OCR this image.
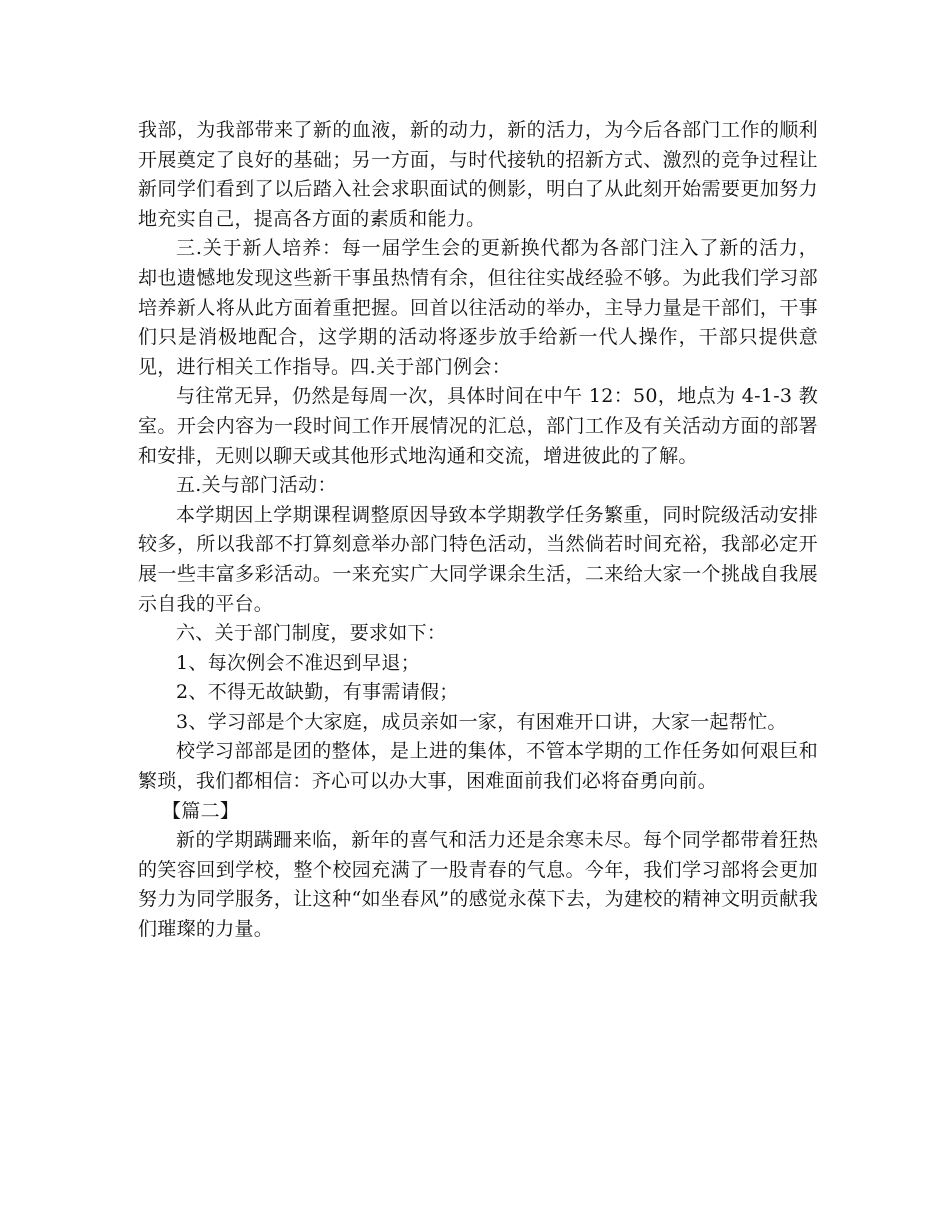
我部，为我部带来了新的血液，新的动力，新的活力，为今后各部门工作的顺利开展奠定了良好的基础；另一方面，与时代接轨的招新方式、激烈的竞争过程让新同学们看到了以后踏入社会求职面试的侧影，明白了从此刻开始需要更加努力地充实自己，提高各方面的素质和能力。

三.关于新人培养：每一届学生会的更新换代都为各部门注入了新的活力，却也遗憾地发现这些新干事虽热情有余，但往往实战经验不够。为此我们学习部培养新人将从此方面着重把握。回首以往活动的举办，主导力量是干部们，干事们只是消极地配合，这学期的活动将逐步放手给新一代人操作，干部只提供意见，进行相关工作指导。四.关于部门例会：

与往常无异，仍然是每周一次，具体时间在中午 12：50，地点为 4-1-3 教室。开会内容为一段时间工作开展情况的汇总，部门工作及有关活动方面的部署和安排，无则以聊天或其他形式地沟通和交流，增进彼此的了解。

五.关与部门活动：

本学期因上学期课程调整原因导致本学期教学任务繁重，同时院级活动安排较多，所以我部不打算刻意举办部门特色活动，当然倘若时间充裕，我部必定开展一些丰富多彩活动。一来充实广大同学课余生活，二来给大家一个挑战自我展示自我的平台。

六、关于部门制度，要求如下：

1、每次例会不准迟到早退；

2、不得无故缺勤，有事需请假；

3、学习部是个大家庭，成员亲如一家，有困难开口讲，大家一起帮忙。

校学习部部是团的整体，是上进的集体，不管本学期的工作任务如何艰巨和繁琐，我们都相信：齐心可以办大事，困难面前我们必将奋勇向前。

【篇二】

新的学期蹒跚来临，新年的喜气和活力还是余寒未尽。每个同学都带着狂热的笑容回到学校，整个校园充满了一股青春的气息。今年，我们学习部将会更加努力为同学服务，让这种“如坐春风”的感觉永葆下去，为建校的精神文明贡献我们璀璨的力量。
